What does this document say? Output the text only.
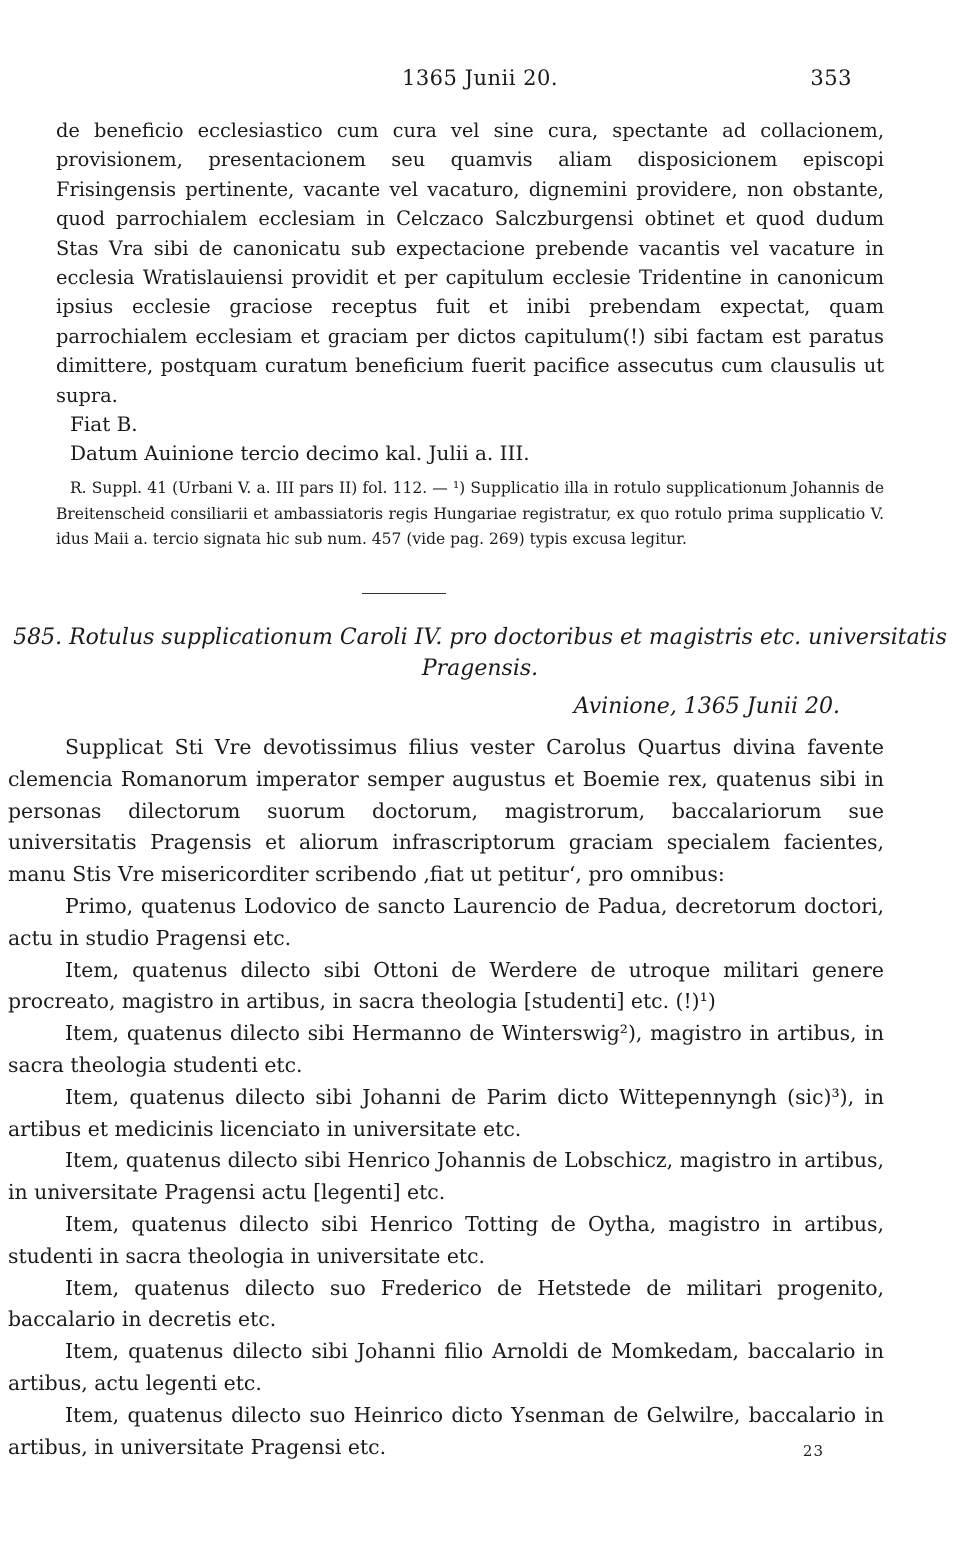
1365 Junii 20.	353

de beneficio ecclesiastico cum cura vel sine cura, spectante ad collacionem, provisionem, presentacionem seu quamvis aliam disposicionem episcopi Frisingensis pertinente, vacante vel vacaturo, dignemini providere, non obstante, quod parrochialem ecclesiam in Celczaco Salczburgensi obtinet et quod dudum Stas Vra sibi de canonicatu sub expectacione prebende vacantis vel vacature in ecclesia Wratislauiensi providit et per capitulum ecclesie Tridentine in canonicum ipsius ecclesie graciose receptus fuit et inibi prebendam expectat, quam parrochialem ecclesiam et graciam per dictos capitulum(!) sibi factam est paratus dimittere, postquam curatum beneficium fuerit pacifice assecutus cum clausulis ut supra.

Fiat B.

Datum Auinione tercio decimo kal. Julii a. III.

R. Suppl. 41 (Urbani V. a. III pars II) fol. 112. — ¹) Supplicatio illa in rotulo supplicationum Johannis de Breitenscheid consiliarii et ambassiatoris regis Hungariae registratur, ex quo rotulo prima supplicatio V. idus Maii a. tercio signata hic sub num. 457 (vide pag. 269) typis excusa legitur.

585. Rotulus supplicationum Caroli IV. pro doctoribus et magistris etc. universitatis Pragensis.
Avinione, 1365 Junii 20.

Supplicat Sti Vre devotissimus filius vester Carolus Quartus divina favente clemencia Romanorum imperator semper augustus et Boemie rex, quatenus sibi in personas dilectorum suorum doctorum, magistrorum, baccalariorum sue universitatis Pragensis et aliorum infrascriptorum graciam specialem facientes, manu Stis Vre misericorditer scribendo ‚fiat ut petitur‘, pro omnibus:

Primo, quatenus Lodovico de sancto Laurencio de Padua, decretorum doctori, actu in studio Pragensi etc.

Item, quatenus dilecto sibi Ottoni de Werdere de utroque militari genere procreato, magistro in artibus, in sacra theologia [studenti] etc. (!)¹)

Item, quatenus dilecto sibi Hermanno de Winterswig²), magistro in artibus, in sacra theologia studenti etc.

Item, quatenus dilecto sibi Johanni de Parim dicto Wittepennyngh (sic)³), in artibus et medicinis licenciato in universitate etc.

Item, quatenus dilecto sibi Henrico Johannis de Lobschicz, magistro in artibus, in universitate Pragensi actu [legenti] etc.

Item, quatenus dilecto sibi Henrico Totting de Oytha, magistro in artibus, studenti in sacra theologia in universitate etc.

Item, quatenus dilecto suo Frederico de Hetstede de militari progenito, baccalario in decretis etc.

Item, quatenus dilecto sibi Johanni filio Arnoldi de Momkedam, baccalario in artibus, actu legenti etc.

Item, quatenus dilecto suo Heinrico dicto Ysenman de Gelwilre, baccalario in artibus, in universitate Pragensi etc.	23
